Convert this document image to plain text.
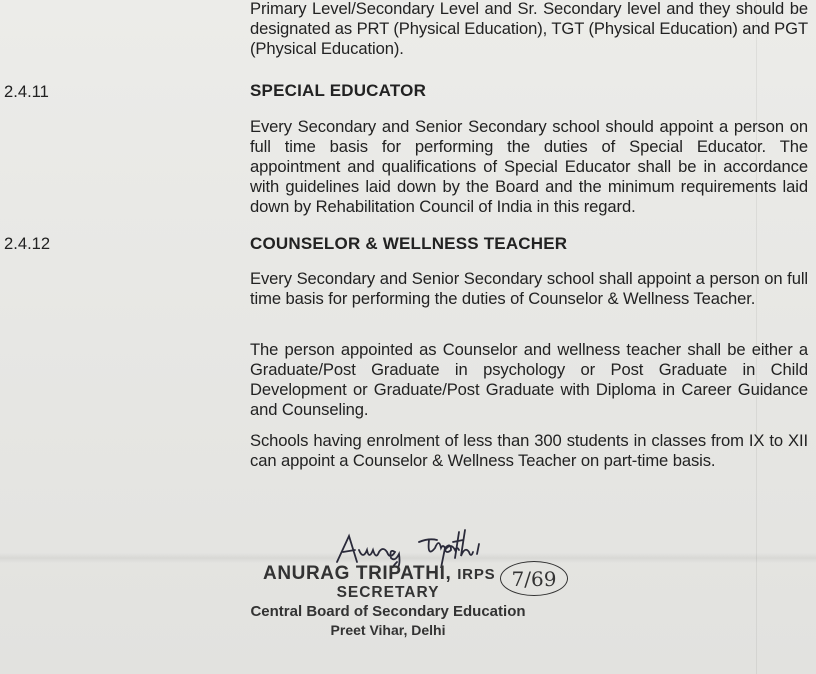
Primary Level/Secondary Level and Sr. Secondary level and they should be designated as PRT (Physical Education), TGT (Physical Education) and PGT (Physical Education).
2.4.11	SPECIAL EDUCATOR
Every Secondary and Senior Secondary school should appoint a person on full time basis for performing the duties of Special Educator. The appointment and qualifications of Special Educator shall be in accordance with guidelines laid down by the Board and the minimum requirements laid down by Rehabilitation Council of India in this regard.
2.4.12	COUNSELOR & WELLNESS TEACHER
Every Secondary and Senior Secondary school shall appoint a person on full time basis for performing the duties of Counselor & Wellness Teacher.
The person appointed as Counselor and wellness teacher shall be either a Graduate/Post Graduate in psychology or Post Graduate in Child Development or Graduate/Post Graduate with Diploma in Career Guidance and Counseling.
Schools having enrolment of less than 300 students in classes from IX to XII can appoint a Counselor & Wellness Teacher on part-time basis.
ANURAG TRIPATHI, IRPS 7/69
SECRETARY
Central Board of Secondary Education
Preet Vihar, Delhi
